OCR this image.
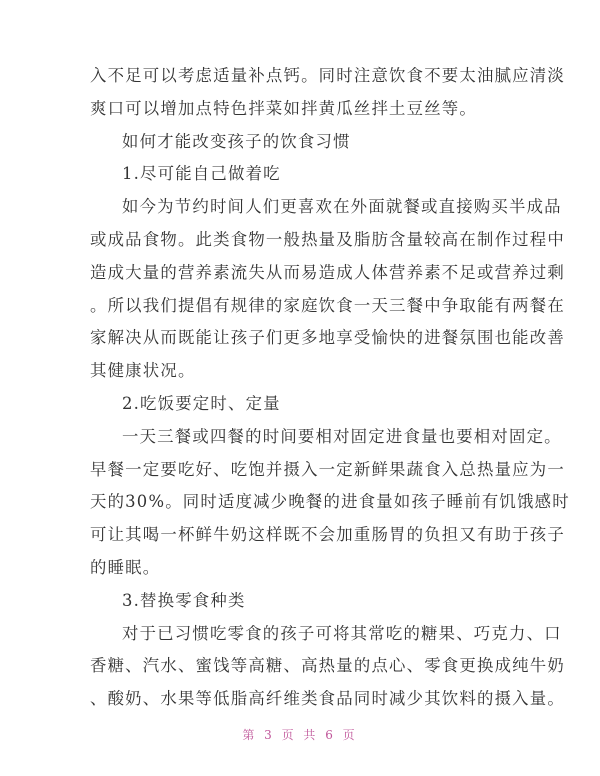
入不足可以考虑适量补点钙。同时注意饮食不要太油腻应清淡
爽口可以增加点特色拌菜如拌黄瓜丝拌土豆丝等。
如何才能改变孩子的饮食习惯
1.尽可能自己做着吃
如今为节约时间人们更喜欢在外面就餐或直接购买半成品
或成品食物。此类食物一般热量及脂肪含量较高在制作过程中
造成大量的营养素流失从而易造成人体营养素不足或营养过剩
。所以我们提倡有规律的家庭饮食一天三餐中争取能有两餐在
家解决从而既能让孩子们更多地享受愉快的进餐氛围也能改善
其健康状况。
2.吃饭要定时、定量
一天三餐或四餐的时间要相对固定进食量也要相对固定。
早餐一定要吃好、吃饱并摄入一定新鲜果蔬食入总热量应为一
天的30%。同时适度减少晚餐的进食量如孩子睡前有饥饿感时
可让其喝一杯鲜牛奶这样既不会加重肠胃的负担又有助于孩子
的睡眠。
3.替换零食种类
对于已习惯吃零食的孩子可将其常吃的糖果、巧克力、口
香糖、汽水、蜜饯等高糖、高热量的点心、零食更换成纯牛奶
、酸奶、水果等低脂高纤维类食品同时减少其饮料的摄入量。
第 3 页 共 6 页
